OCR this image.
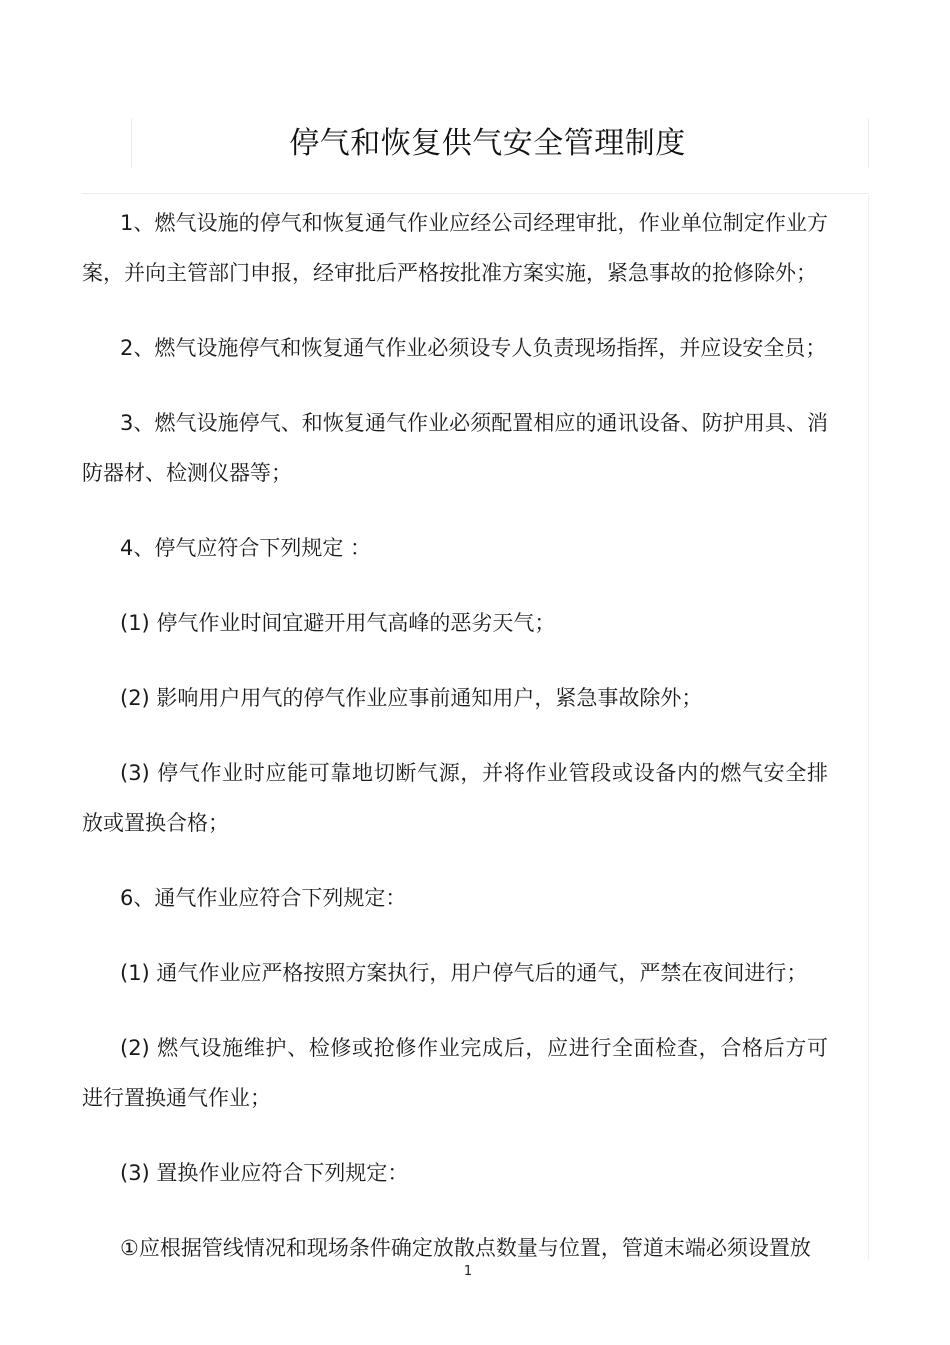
停气和恢复供气安全管理制度

1、燃气设施的停气和恢复通气作业应经公司经理审批，作业单位制定作业方案，并向主管部门申报，经审批后严格按批准方案实施，紧急事故的抢修除外；

2、燃气设施停气和恢复通气作业必须设专人负责现场指挥，并应设安全员；

3、燃气设施停气、和恢复通气作业必须配置相应的通讯设备、防护用具、消防器材、检测仪器等；

4、停气应符合下列规定 ：

(1) 停气作业时间宜避开用气高峰的恶劣天气；

(2) 影响用户用气的停气作业应事前通知用户，紧急事故除外；

(3) 停气作业时应能可靠地切断气源，并将作业管段或设备内的燃气安全排放或置换合格；

6、通气作业应符合下列规定：

(1) 通气作业应严格按照方案执行，用户停气后的通气，严禁在夜间进行；

(2) 燃气设施维护、检修或抢修作业完成后，应进行全面检查，合格后方可进行置换通气作业；

(3) 置换作业应符合下列规定：

①应根据管线情况和现场条件确定放散点数量与位置，管道末端必须设置放

1
